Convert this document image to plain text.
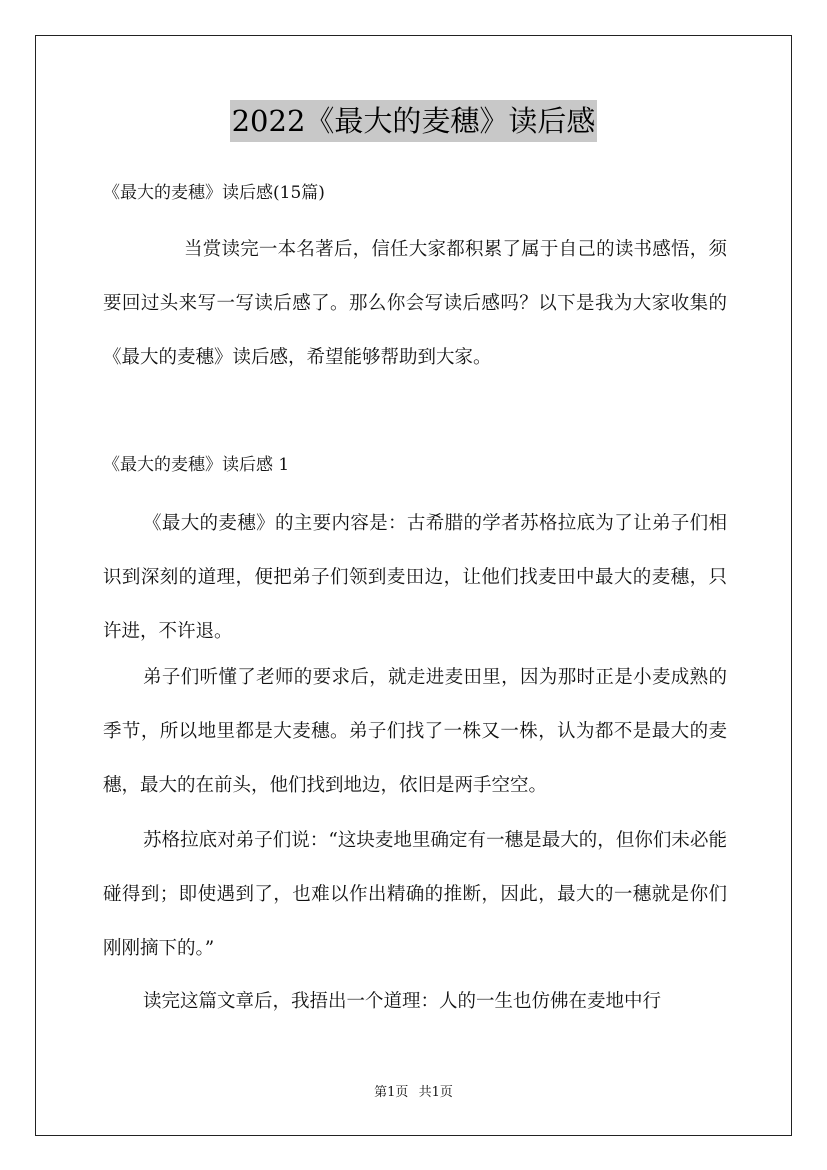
2022《最大的麦穗》读后感
《最大的麦穗》读后感(15篇)

当赏读完一本名著后，信任大家都积累了属于自己的读书感悟，须要回过头来写一写读后感了。那么你会写读后感吗？以下是我为大家收集的《最大的麦穗》读后感，希望能够帮助到大家。

《最大的麦穗》读后感 1

《最大的麦穗》的主要内容是：古希腊的学者苏格拉底为了让弟子们相识到深刻的道理，便把弟子们领到麦田边，让他们找麦田中最大的麦穗，只许进，不许退。

弟子们听懂了老师的要求后，就走进麦田里，因为那时正是小麦成熟的季节，所以地里都是大麦穗。弟子们找了一株又一株，认为都不是最大的麦穗，最大的在前头，他们找到地边，依旧是两手空空。

苏格拉底对弟子们说：“这块麦地里确定有一穗是最大的，但你们未必能碰得到；即使遇到了，也难以作出精确的推断，因此，最大的一穗就是你们刚刚摘下的。”

读完这篇文章后，我捂出一个道理：人的一生也仿佛在麦地中行

第1页 共1页
